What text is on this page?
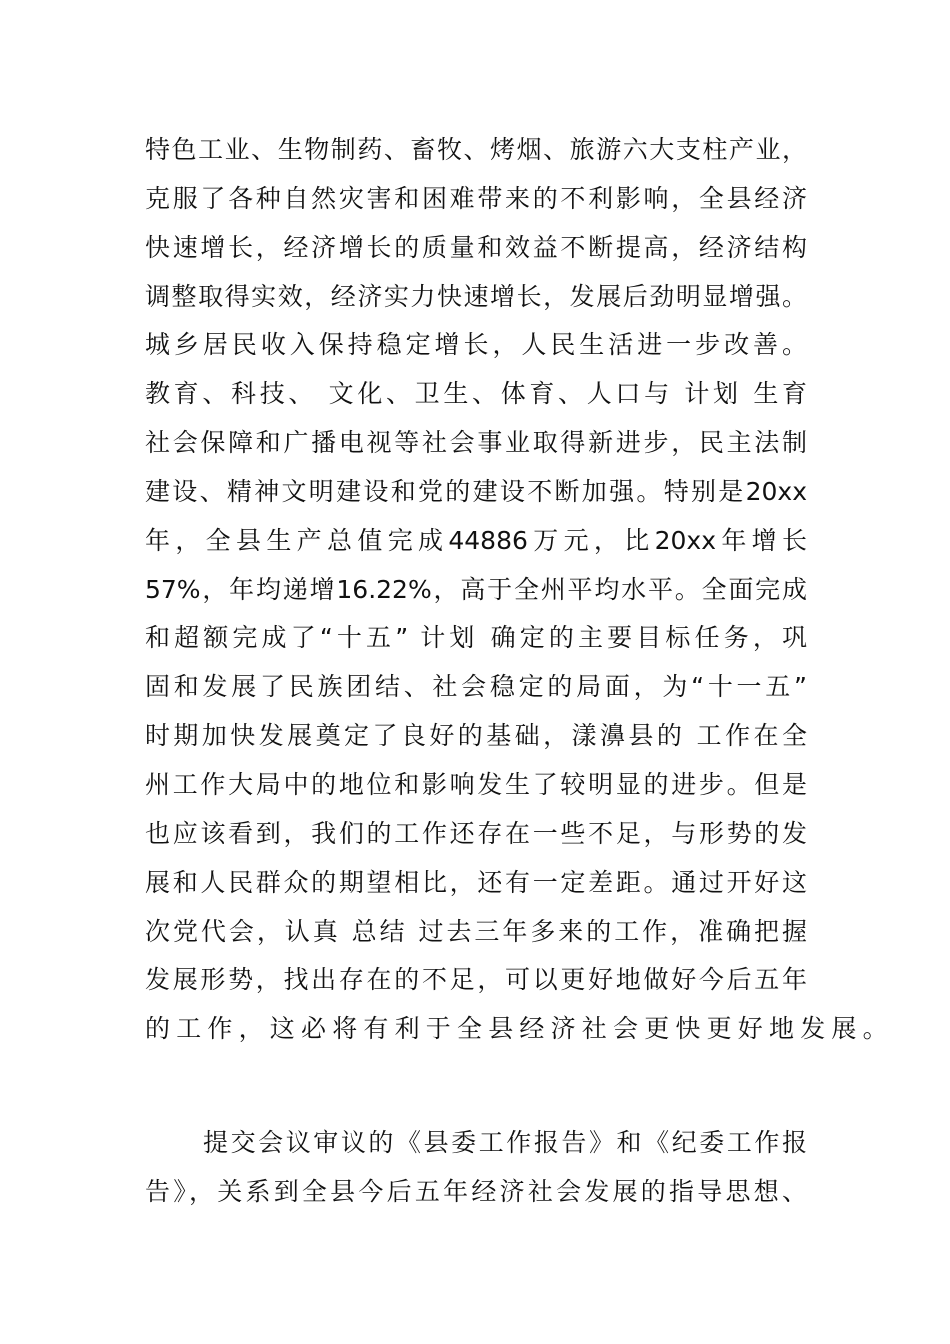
特色工业、生物制药、畜牧、烤烟、旅游六大支柱产业，
克服了各种自然灾害和困难带来的不利影响，全县经济
快速增长，经济增长的质量和效益不断提高，经济结构
调整取得实效，经济实力快速增长，发展后劲明显增强。
城乡居民收入保持稳定增长，人民生活进一步改善。
教育、科技、 文化、卫生、体育、人口与 计划 生育
社会保障和广播电视等社会事业取得新进步，民主法制
建设、精神文明建设和党的建设不断加强。特别是20xx
年，全县生产总值完成44886万元，比20xx年增长
57%，年均递增16.22%，高于全州平均水平。全面完成
和超额完成了“十五” 计划 确定的主要目标任务，巩
固和发展了民族团结、社会稳定的局面，为“十一五”
时期加快发展奠定了良好的基础，漾濞县的 工作在全
州工作大局中的地位和影响发生了较明显的进步。但是
也应该看到，我们的工作还存在一些不足，与形势的发
展和人民群众的期望相比，还有一定差距。通过开好这
次党代会，认真 总结 过去三年多来的工作，准确把握
发展形势，找出存在的不足，可以更好地做好今后五年
的工作，这必将有利于全县经济社会更快更好地发展。
提交会议审议的《县委工作报告》和《纪委工作报
告》，关系到全县今后五年经济社会发展的指导思想、
